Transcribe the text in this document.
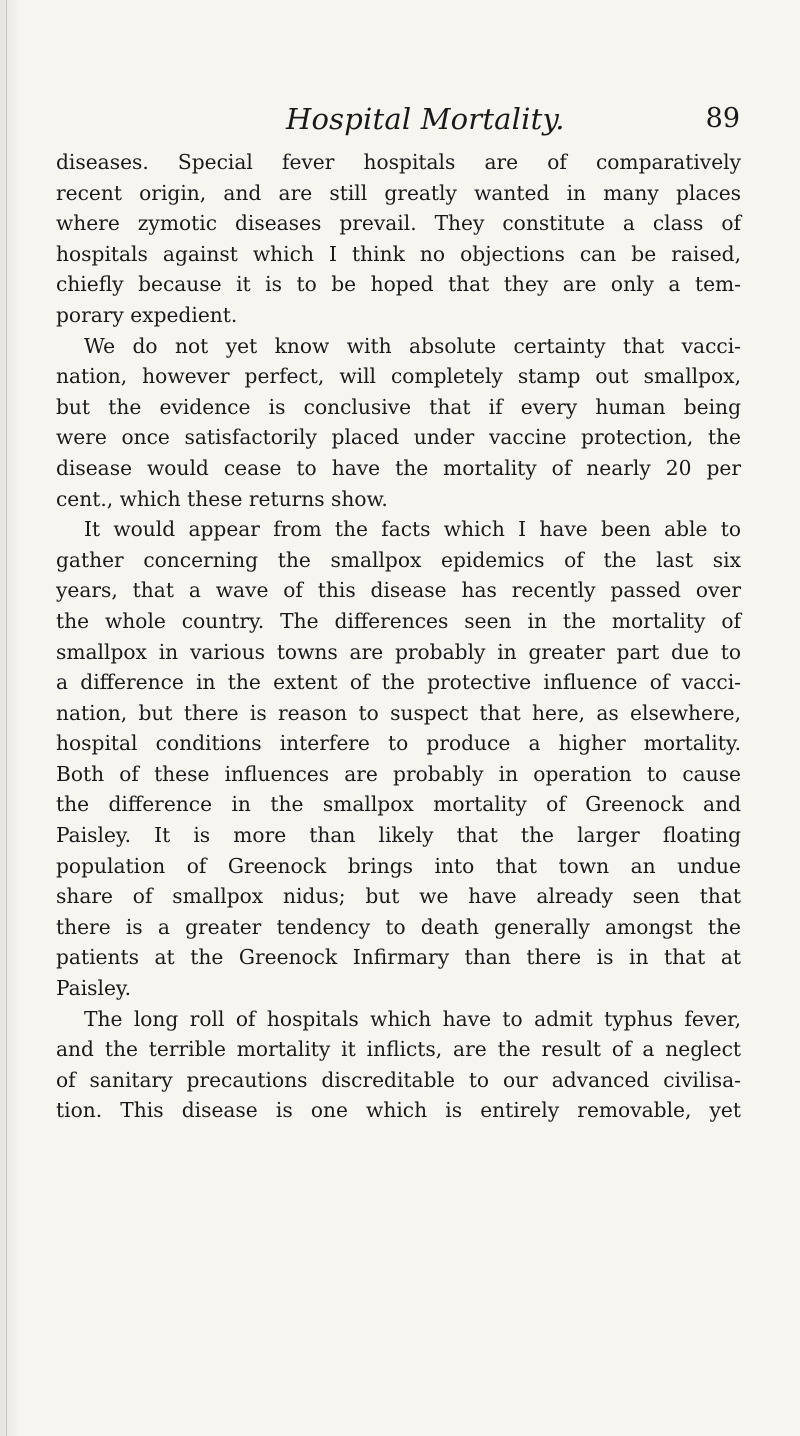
Hospital Mortality.	89
diseases. Special fever hospitals are of comparatively
recent origin, and are still greatly wanted in many places
where zymotic diseases prevail. They constitute a class of
hospitals against which I think no objections can be raised,
chiefly because it is to be hoped that they are only a tem-
porary expedient.
We do not yet know with absolute certainty that vacci-
nation, however perfect, will completely stamp out smallpox,
but the evidence is conclusive that if every human being
were once satisfactorily placed under vaccine protection, the
disease would cease to have the mortality of nearly 20 per
cent., which these returns show.
It would appear from the facts which I have been able to
gather concerning the smallpox epidemics of the last six
years, that a wave of this disease has recently passed over
the whole country. The differences seen in the mortality of
smallpox in various towns are probably in greater part due to
a difference in the extent of the protective influence of vacci-
nation, but there is reason to suspect that here, as elsewhere,
hospital conditions interfere to produce a higher mortality.
Both of these influences are probably in operation to cause
the difference in the smallpox mortality of Greenock and
Paisley. It is more than likely that the larger floating
population of Greenock brings into that town an undue
share of smallpox nidus; but we have already seen that
there is a greater tendency to death generally amongst the
patients at the Greenock Infirmary than there is in that at
Paisley.
The long roll of hospitals which have to admit typhus fever,
and the terrible mortality it inflicts, are the result of a neglect
of sanitary precautions discreditable to our advanced civilisa-
tion. This disease is one which is entirely removable, yet
